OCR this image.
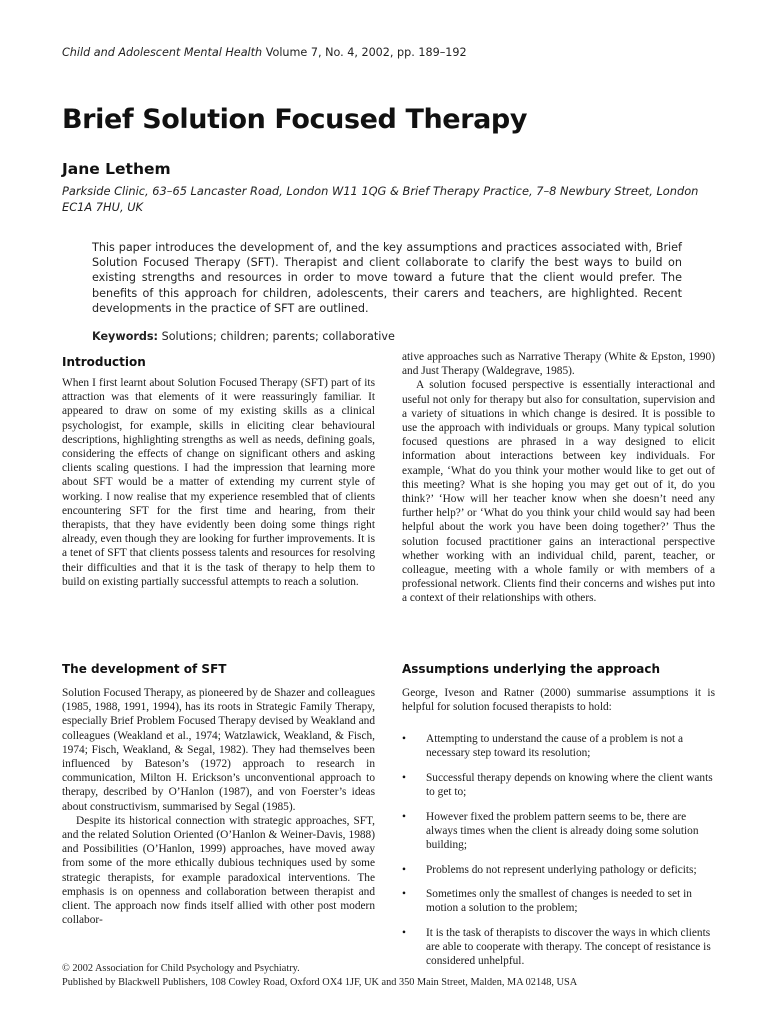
Child and Adolescent Mental Health Volume 7, No. 4, 2002, pp. 189–192
Brief Solution Focused Therapy
Jane Lethem

Parkside Clinic, 63–65 Lancaster Road, London W11 1QG & Brief Therapy Practice, 7–8 Newbury Street, London EC1A 7HU, UK

This paper introduces the development of, and the key assumptions and practices associated with, Brief Solution Focused Therapy (SFT). Therapist and client collaborate to clarify the best ways to build on existing strengths and resources in order to move toward a future that the client would prefer. The benefits of this approach for children, adolescents, their carers and teachers, are highlighted. Recent developments in the practice of SFT are outlined.

Keywords: Solutions; children; parents; collaborative

Introduction

When I first learnt about Solution Focused Therapy (SFT) part of its attraction was that elements of it were reassuringly familiar. It appeared to draw on some of my existing skills as a clinical psychologist, for example, skills in eliciting clear behavioural descriptions, highlighting strengths as well as needs, defining goals, considering the effects of change on significant others and asking clients scaling questions. I had the impression that learning more about SFT would be a matter of extending my current style of working. I now realise that my experience resembled that of clients encountering SFT for the first time and hearing, from their therapists, that they have evidently been doing some things right already, even though they are looking for further improvements. It is a tenet of SFT that clients possess talents and resources for resolving their difficulties and that it is the task of therapy to help them to build on existing partially successful attempts to reach a solution.

The development of SFT

Solution Focused Therapy, as pioneered by de Shazer and colleagues (1985, 1988, 1991, 1994), has its roots in Strategic Family Therapy, especially Brief Problem Focused Therapy devised by Weakland and colleagues (Weakland et al., 1974; Watzlawick, Weakland, & Fisch, 1974; Fisch, Weakland, & Segal, 1982). They had themselves been influenced by Bateson’s (1972) approach to research in communication, Milton H. Erickson’s unconventional approach to therapy, described by O’Hanlon (1987), and von Foerster’s ideas about constructivism, summarised by Segal (1985).

Despite its historical connection with strategic approaches, SFT, and the related Solution Oriented (O’Hanlon & Weiner-Davis, 1988) and Possibilities (O’Hanlon, 1999) approaches, have moved away from some of the more ethically dubious techniques used by some strategic therapists, for example paradoxical interventions. The emphasis is on openness and collaboration between therapist and client. The approach now finds itself allied with other post modern collabor-

ative approaches such as Narrative Therapy (White & Epston, 1990) and Just Therapy (Waldegrave, 1985).

A solution focused perspective is essentially interactional and useful not only for therapy but also for consultation, supervision and a variety of situations in which change is desired. It is possible to use the approach with individuals or groups. Many typical solution focused questions are phrased in a way designed to elicit information about interactions between key individuals. For example, ‘What do you think your mother would like to get out of this meeting? What is she hoping you may get out of it, do you think?’ ‘How will her teacher know when she doesn’t need any further help?’ or ‘What do you think your child would say had been helpful about the work you have been doing together?’ Thus the solution focused practitioner gains an interactional perspective whether working with an individual child, parent, teacher, or colleague, meeting with a whole family or with members of a professional network. Clients find their concerns and wishes put into a context of their relationships with others.

Assumptions underlying the approach

George, Iveson and Ratner (2000) summarise assumptions it is helpful for solution focused therapists to hold:

• Attempting to understand the cause of a problem is not a necessary step toward its resolution;

• Successful therapy depends on knowing where the client wants to get to;

• However fixed the problem pattern seems to be, there are always times when the client is already doing some solution building;

• Problems do not represent underlying pathology or deficits;

• Sometimes only the smallest of changes is needed to set in motion a solution to the problem;

• It is the task of therapists to discover the ways in which clients are able to cooperate with therapy. The concept of resistance is considered unhelpful.

© 2002 Association for Child Psychology and Psychiatry.
Published by Blackwell Publishers, 108 Cowley Road, Oxford OX4 1JF, UK and 350 Main Street, Malden, MA 02148, USA
